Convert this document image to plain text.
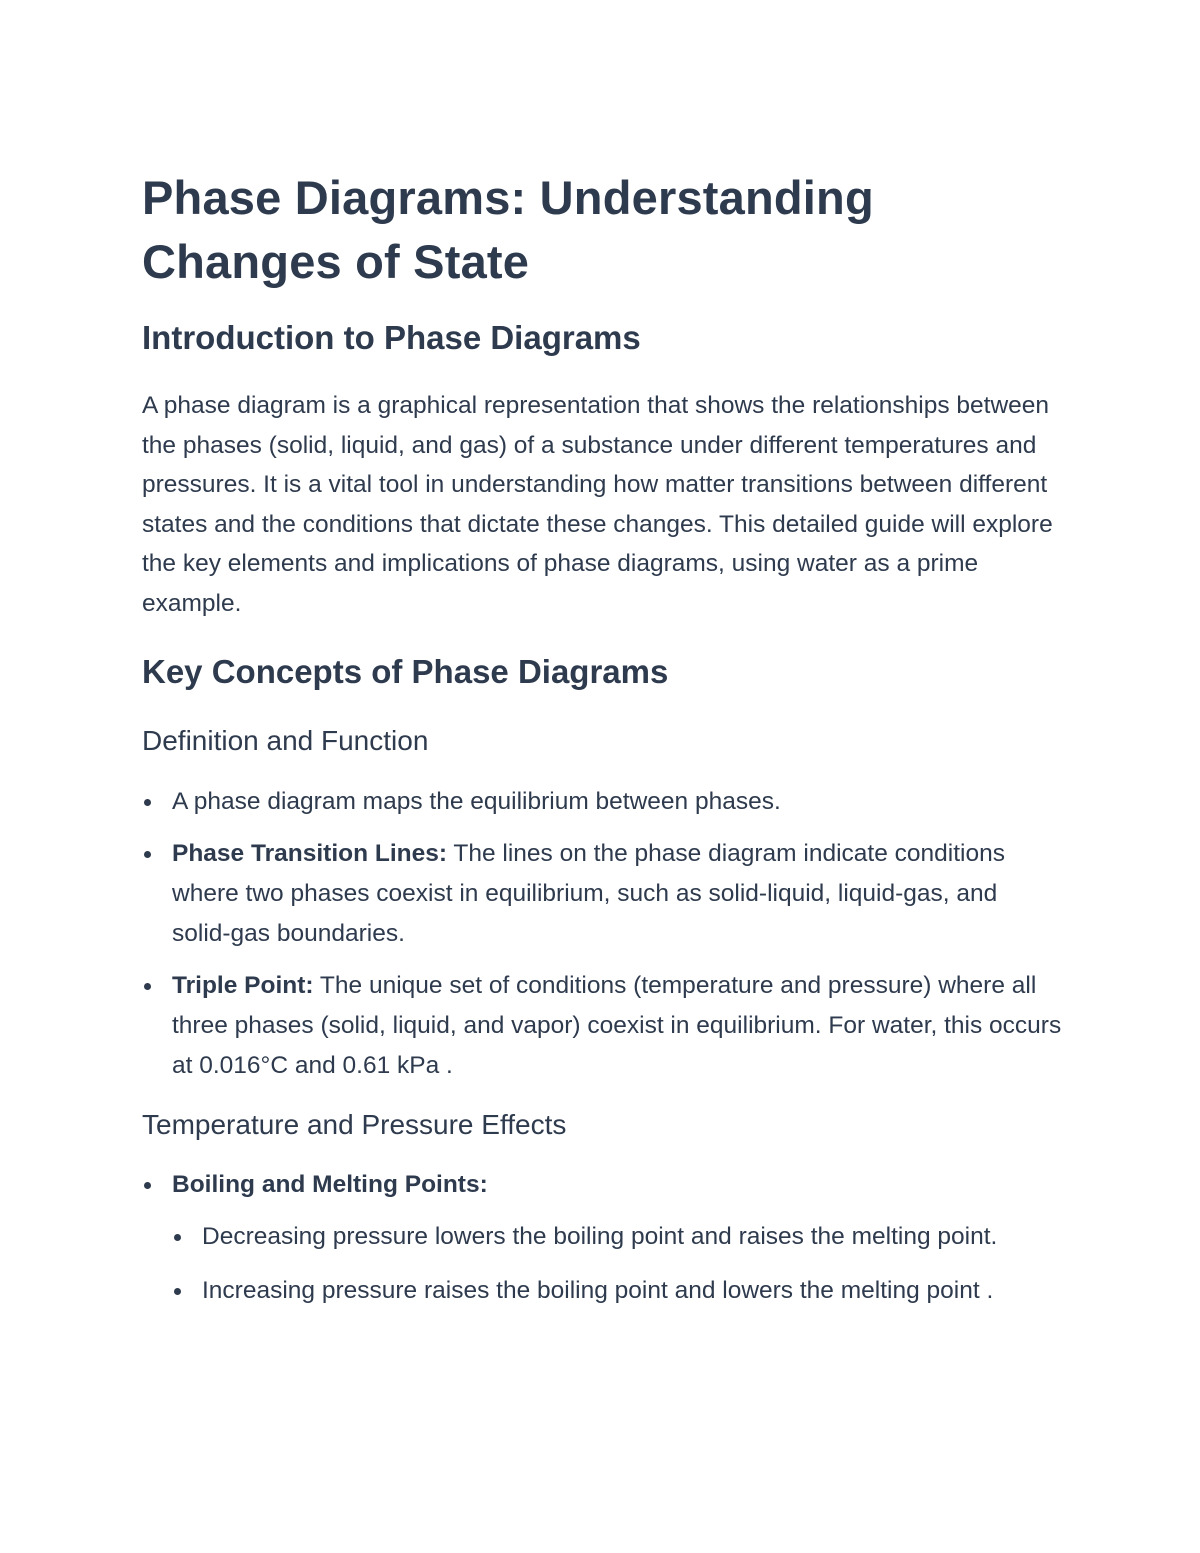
Phase Diagrams: Understanding Changes of State
Introduction to Phase Diagrams

A phase diagram is a graphical representation that shows the relationships between the phases (solid, liquid, and gas) of a substance under different temperatures and pressures. It is a vital tool in understanding how matter transitions between different states and the conditions that dictate these changes. This detailed guide will explore the key elements and implications of phase diagrams, using water as a prime example.

Key Concepts of Phase Diagrams
Definition and Function
A phase diagram maps the equilibrium between phases.
Phase Transition Lines: The lines on the phase diagram indicate conditions where two phases coexist in equilibrium, such as solid-liquid, liquid-gas, and solid-gas boundaries.
Triple Point: The unique set of conditions (temperature and pressure) where all three phases (solid, liquid, and vapor) coexist in equilibrium. For water, this occurs at 0.016°C and 0.61 kPa .
Temperature and Pressure Effects
Boiling and Melting Points:
Decreasing pressure lowers the boiling point and raises the melting point.
Increasing pressure raises the boiling point and lowers the melting point .
